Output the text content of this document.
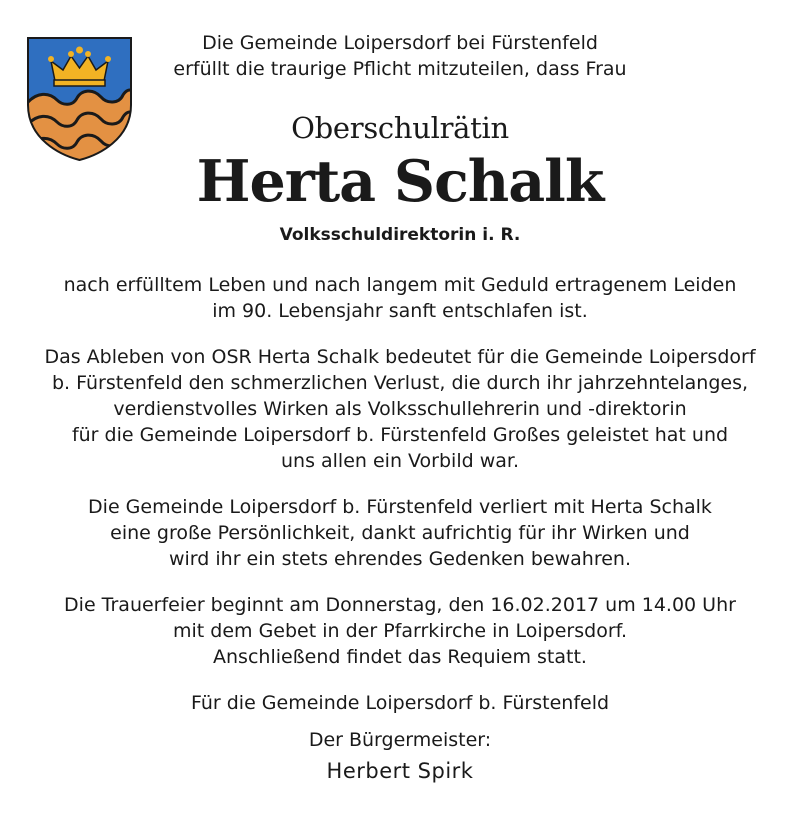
Die Gemeinde Loipersdorf bei Fürstenfeld
erfüllt die traurige Pflicht mitzuteilen, dass Frau
Oberschulrätin
Herta Schalk
Volksschuldirektorin i. R.
nach erfülltem Leben und nach langem mit Geduld ertragenem Leiden
im 90. Lebensjahr sanft entschlafen ist.
Das Ableben von OSR Herta Schalk bedeutet für die Gemeinde Loipersdorf
b. Fürstenfeld den schmerzlichen Verlust, die durch ihr jahrzehntelanges,
verdienstvolles Wirken als Volksschullehrerin und -direktorin
für die Gemeinde Loipersdorf b. Fürstenfeld Großes geleistet hat und
uns allen ein Vorbild war.
Die Gemeinde Loipersdorf b. Fürstenfeld verliert mit Herta Schalk
eine große Persönlichkeit, dankt aufrichtig für ihr Wirken und
wird ihr ein stets ehrendes Gedenken bewahren.
Die Trauerfeier beginnt am Donnerstag, den 16.02.2017 um 14.00 Uhr
mit dem Gebet in der Pfarrkirche in Loipersdorf.
Anschließend findet das Requiem statt.
Für die Gemeinde Loipersdorf b. Fürstenfeld
Der Bürgermeister:
Herbert Spirk
